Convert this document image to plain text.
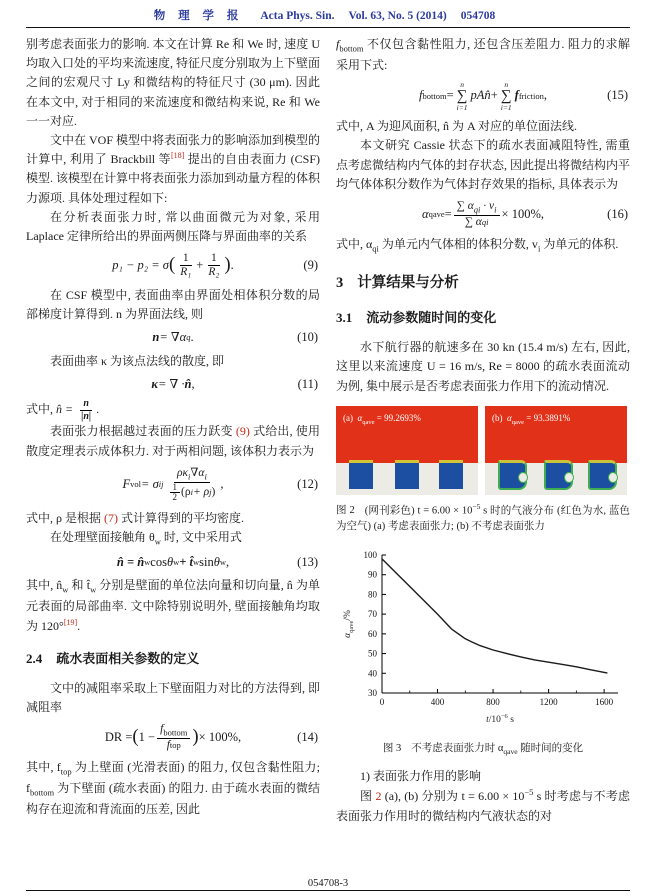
物 理 学 报 Acta Phys. Sin. Vol. 63, No. 5 (2014) 054708

别考虑表面张力的影响. 本文在计算 Re 和 We 时, 速度 U 均取入口处的平均来流速度, 特征尺度分别取为上下壁面之间的宏观尺寸 Ly 和微结构的特征尺寸 (30 μm). 因此在本文中, 对于相同的来流速度和微结构来说, Re 和 We 一一对应.

文中在 VOF 模型中将表面张力的影响添加到模型的计算中, 利用了 Brackbill 等[18] 提出的自由表面力 (CSF) 模型. 该模型在计算中将表面张力添加到动量方程的体积力源项. 具体处理过程如下:

在分析表面张力时, 常以曲面微元为对象, 采用 Laplace 定律所给出的界面两侧压降与界面曲率的关系

p₁ − p₂ = σ ( $\frac{1}{\text{R₁}} + \frac{1}{\text{R₂}}$ ) .	(9)

在 CSF 模型中, 表面曲率由界面处相体积分数的局部梯度计算得到. n 为界面法线, 则

n = ∇α q .	(10)

表面曲率 κ 为该点法线的散度, 即

κ = ∇ · n̂ ,	(11)

式中, n̂ = $\frac{n}{|n|}$ .

表面张力根据越过表面的压力跃变 (9) 式给出, 使用散度定理表示成体积力. 对于两相问题, 该体积力表示为

F vol = σ ij $\frac{\rho\kappa_i\nabla\alpha_i}{\frac{1}{2} (\rho i + \rho j )}$ ,	(12)

式中, ρ 是根据 (7) 式计算得到的平均密度.

在处理壁面接触角 $\theta_w$ 时, 文中采用式

n̂ = n̂ w cos θ w + t̂ w sin θ w ,	(13)

其中, $n̂_w$ 和 $t̂_w$ 分别是壁面的单位法向量和切向量, n̂ 为单元表面的局部曲率. 文中除特别说明外, 壁面接触角均取为 120°[19].

2.4 疏水表面相关参数的定义

文中的减阻率采取上下壁面阻力对比的方法得到, 即减阻率

DR = ( $1 - \frac{f_{bottom}}{\text{f top}}$ ) × 100%,	(14)

其中, $f_{top}$ 为上壁面 (光滑表面) 的阻力, 仅包含黏性阻力; $f_{bottom}$ 为下壁面 (疏水表面) 的阻力. 由于疏水表面的微结构存在迎流和背流面的压差, 因此

$f_{bottom}$ 不仅包含黏性阻力, 还包含压差阻力. 阻力的求解采用下式:

f bottom =
n
∑
i=1
pAn̂ +
n
∑
i=1
f friction ,	(15)

式中, A 为迎风面积, n̂ 为 A 对应的单位面法线.

本文研究 Cassie 状态下的疏水表面减阻特性, 需重点考虑微结构内气体的封存状态, 因此提出将微结构内平均气体体积分数作为气体封存效果的指标, 具体表示为

α qave = $\frac{\sum \alpha_{qi} \cdot v_i}{\text{∑ α qi}} \times 100\%$,	(16)

式中, $\alpha_{qi}$ 为单元内气体相的体积分数, $v_i$ 为单元的体积.

3 计算结果与分析
3.1 流动参数随时间的变化

水下航行器的航速多在 30 kn (15.4 m/s) 左右, 因此, 这里以来流速度 U = 16 m/s, Re = 8000 的疏水表面流动为例, 集中展示是否考虑表面张力作用下的流动情况.

(a) $\alpha_{qave} = 99.2693\%$	(b) $\alpha_{qave} = 93.3891\%$
图 2 (网刊彩色) $t = 6.00 \times 10^{-5}$ s 时的气液分布 (红色为水, 蓝色为空气) (a) 考虑表面张力; (b) 不考虑表面张力
30
40
50
60
70
80
90
100
0	400	800	1200	1600
$\alpha_{qave}/\%$
$t/10^{-6}$ s
图 3 不考虑表面张力时 $\alpha_{qave}$ 随时间的变化

1) 表面张力作用的影响

图 2 (a), (b) 分别为 $t = 6.00 \times 10^{-5}$ s 时考虑与不考虑表面张力作用时的微结构内气液状态的对

054708-3
